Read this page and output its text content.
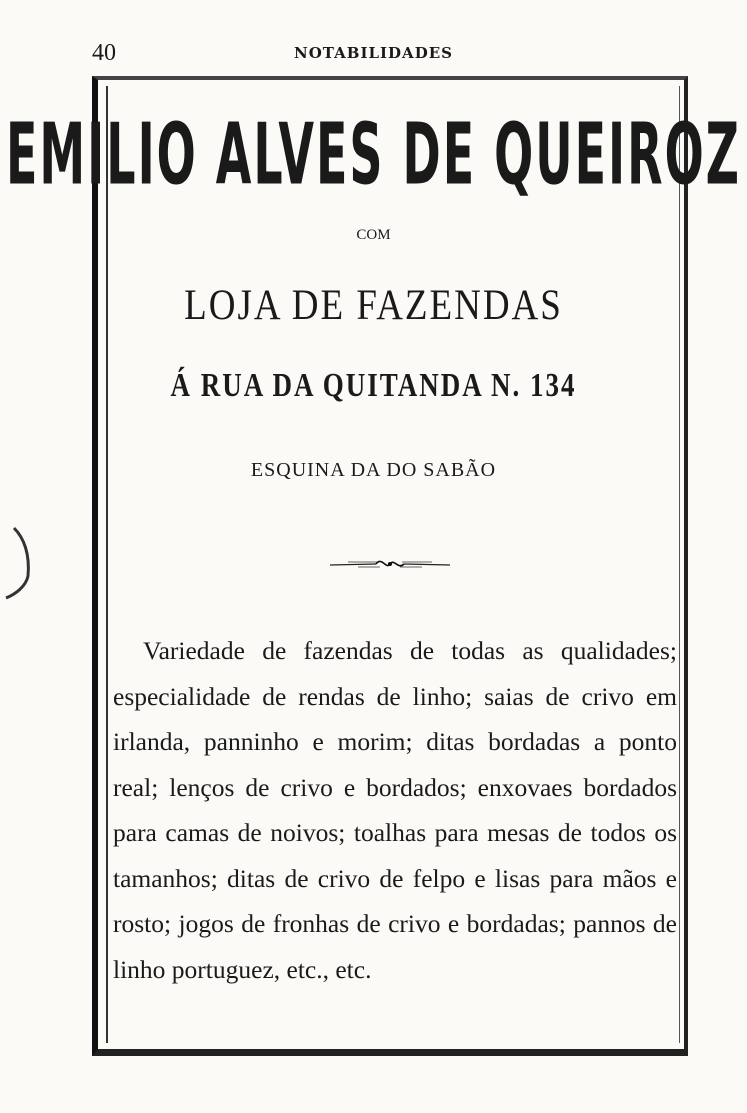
40	NOTABILIDADES
EMILIO ALVES DE QUEIROZ
COM
LOJA DE FAZENDAS
Á RUA DA QUITANDA N. 134
ESQUINA DA DO SABÃO
Variedade de fazendas de todas as qualidades; especialidade de rendas de linho; saias de crivo em irlanda, panninho e morim; ditas bordadas a ponto real; lenços de crivo e bordados; enxovaes bordados para camas de noivos; toalhas para mesas de todos os tamanhos; ditas de crivo de felpo e lisas para mãos e rosto; jogos de fronhas de crivo e bordadas; pannos de linho portuguez, etc., etc.
